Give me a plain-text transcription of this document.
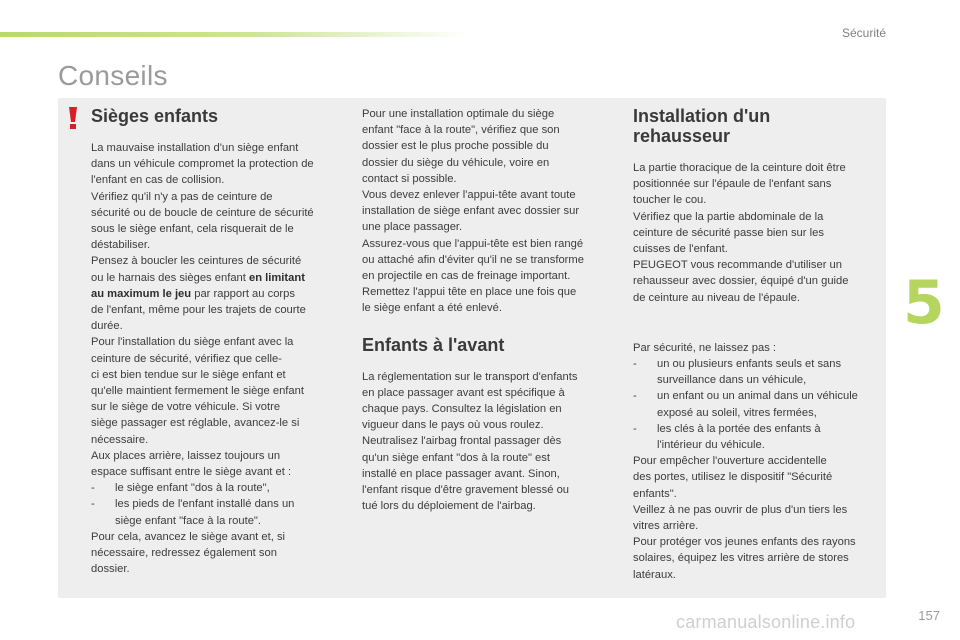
Sécurité
Conseils
Sièges enfants

La mauvaise installation d'un siège enfant
dans un véhicule compromet la protection de
l'enfant en cas de collision.
Vérifiez qu'il n'y a pas de ceinture de
sécurité ou de boucle de ceinture de sécurité
sous le siège enfant, cela risquerait de le
déstabiliser.
Pensez à boucler les ceintures de sécurité
ou le harnais des sièges enfant en limitant
au maximum le jeu par rapport au corps
de l'enfant, même pour les trajets de courte
durée.
Pour l'installation du siège enfant avec la
ceinture de sécurité, vérifiez que celle-
ci est bien tendue sur le siège enfant et
qu'elle maintient fermement le siège enfant
sur le siège de votre véhicule. Si votre
siège passager est réglable, avancez-le si
nécessaire.
Aux places arrière, laissez toujours un
espace suffisant entre le siège avant et :

- le siège enfant "dos à la route",
- les pieds de l'enfant installé dans un
siège enfant "face à la route".

Pour cela, avancez le siège avant et, si
nécessaire, redressez également son
dossier.

Pour une installation optimale du siège
enfant "face à la route", vérifiez que son
dossier est le plus proche possible du
dossier du siège du véhicule, voire en
contact si possible.
Vous devez enlever l'appui-tête avant toute
installation de siège enfant avec dossier sur
une place passager.
Assurez-vous que l'appui-tête est bien rangé
ou attaché afin d'éviter qu'il ne se transforme
en projectile en cas de freinage important.
Remettez l'appui tête en place une fois que
le siège enfant a été enlevé.

Enfants à l'avant

La réglementation sur le transport d'enfants
en place passager avant est spécifique à
chaque pays. Consultez la législation en
vigueur dans le pays où vous roulez.
Neutralisez l'airbag frontal passager dès
qu'un siège enfant "dos à la route" est
installé en place passager avant. Sinon,
l'enfant risque d'être gravement blessé ou
tué lors du déploiement de l'airbag.

Installation d'un
rehausseur

La partie thoracique de la ceinture doit être
positionnée sur l'épaule de l'enfant sans
toucher le cou.
Vérifiez que la partie abdominale de la
ceinture de sécurité passe bien sur les
cuisses de l'enfant.
PEUGEOT vous recommande d'utiliser un
rehausseur avec dossier, équipé d'un guide
de ceinture au niveau de l'épaule.

Par sécurité, ne laissez pas :

- un ou plusieurs enfants seuls et sans
surveillance dans un véhicule,
- un enfant ou un animal dans un véhicule
exposé au soleil, vitres fermées,
- les clés à la portée des enfants à
l'intérieur du véhicule.

Pour empêcher l'ouverture accidentelle
des portes, utilisez le dispositif "Sécurité
enfants".
Veillez à ne pas ouvrir de plus d'un tiers les
vitres arrière.
Pour protéger vos jeunes enfants des rayons
solaires, équipez les vitres arrière de stores
latéraux.

5
carmanualsonline.info	157
